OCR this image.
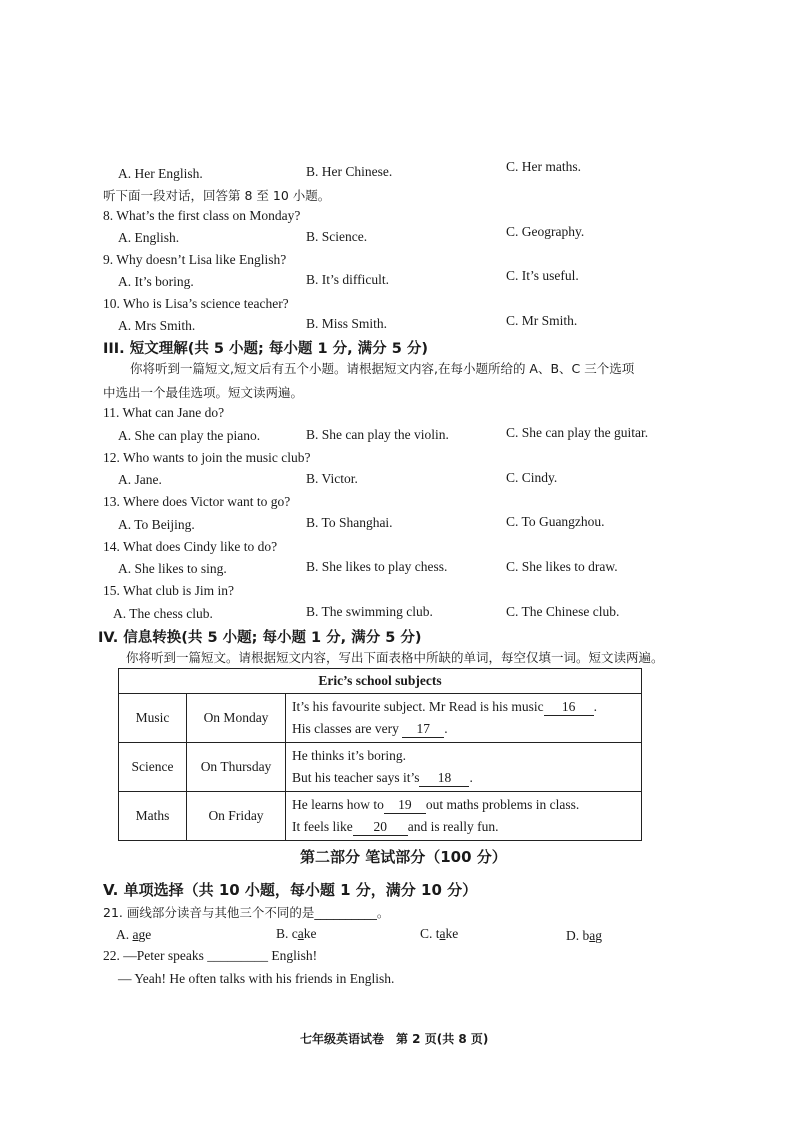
A. Her English.	B. Her Chinese.	C. Her maths.
听下面一段对话，回答第 8 至 10 小题。
8. What’s the first class on Monday?
A. English.	B. Science.	C. Geography.
9. Why doesn’t Lisa like English?
A. It’s boring.	B. It’s difficult.	C. It’s useful.
10. Who is Lisa’s science teacher?
A. Mrs Smith.	B. Miss Smith.	C. Mr Smith.
III. 短文理解(共 5 小题; 每小题 1 分, 满分 5 分)
你将听到一篇短文,短文后有五个小题。请根据短文内容,在每小题所给的 A、B、C 三个选项
中选出一个最佳选项。短文读两遍。
11. What can Jane do?
A. She can play the piano.	B. She can play the violin.	C. She can play the guitar.
12. Who wants to join the music club?
A. Jane.	B. Victor.	C. Cindy.
13. Where does Victor want to go?
A. To Beijing.	B. To Shanghai.	C. To Guangzhou.
14. What does Cindy like to do?
A. She likes to sing.	B. She likes to play chess.	C. She likes to draw.
15. What club is Jim in?
A. The chess club.	B. The swimming club.	C. The Chinese club.
IV. 信息转换(共 5 小题; 每小题 1 分, 满分 5 分)
你将听到一篇短文。请根据短文内容，写出下面表格中所缺的单词，每空仅填一词。短文读两遍。
Eric’s school subjects		
Music	On Monday	It’s his favourite subject. Mr Read is his music 16 .
His classes are very 17 .

Science	On Thursday	He thinks it’s boring.
But his teacher says it’s 18 .

Maths	On Friday	He learns how to 19 out maths problems in class.
It feels like 20 and is really fun.
第二部分 笔试部分（100 分）
V. 单项选择（共 10 小题，每小题 1 分，满分 10 分）
21. 画线部分读音与其他三个不同的是__________。
A. age	B. cake	C. take	D. bag
22. —Peter speaks _________ English!
— Yeah! He often talks with his friends in English.
七年级英语试卷　第 2 页(共 8 页)
